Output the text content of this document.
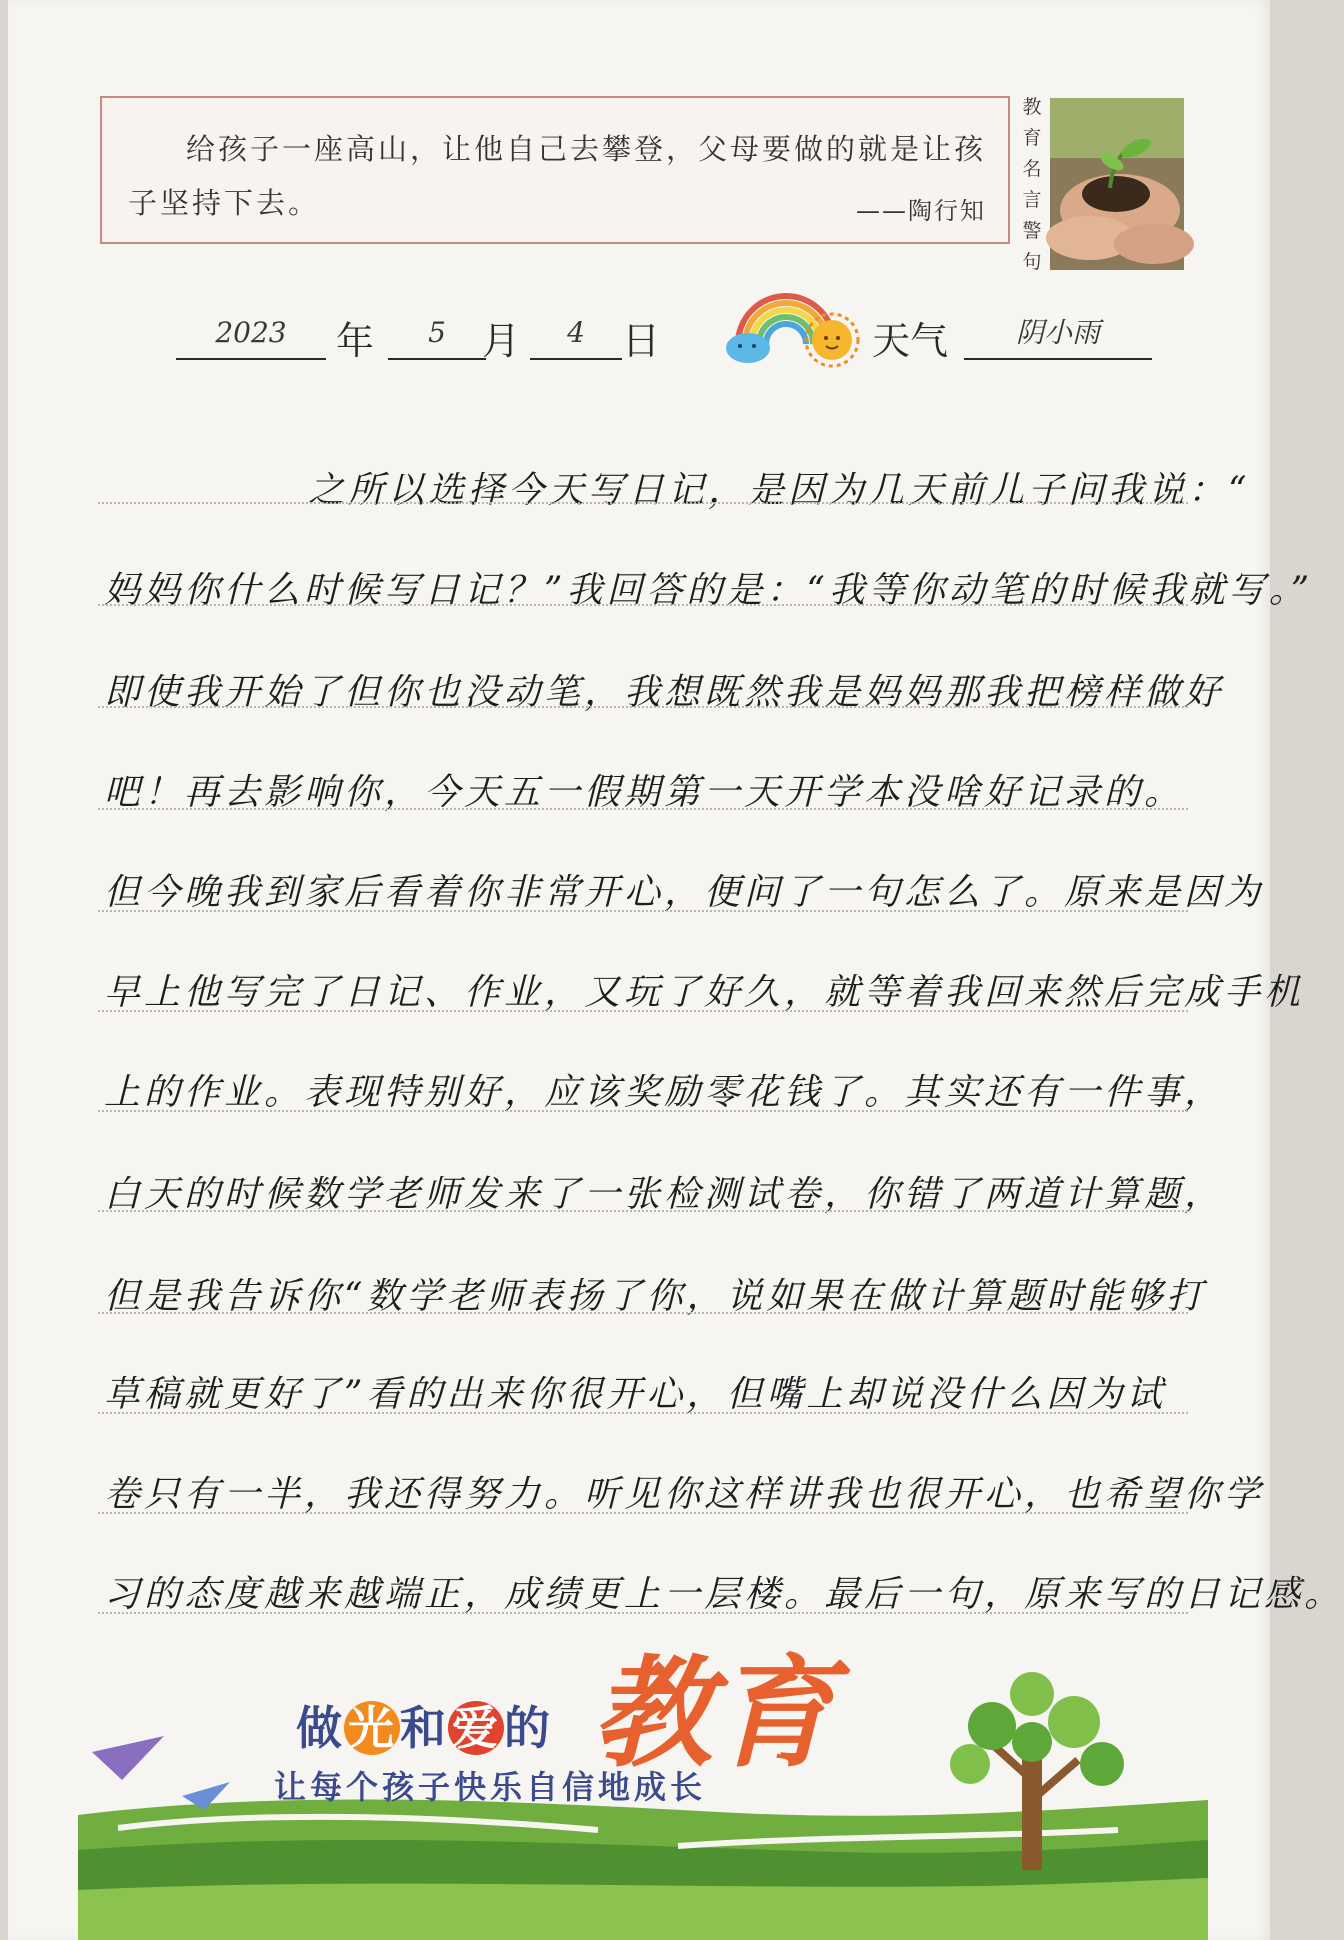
给孩子一座高山，让他自己去攀登，父母要做的就是让孩子坚持下去。	——陶行知
教育名言警句
2023	年	5 月	4 日	天气	阴小雨
之所以选择今天写日记，是因为几天前儿子问我说：“
妈妈你什么时候写日记？”我回答的是：“我等你动笔的时候我就写。”
即使我开始了但你也没动笔，我想既然我是妈妈那我把榜样做好
吧！再去影响你，今天五一假期第一天开学本没啥好记录的。
但今晚我到家后看着你非常开心，便问了一句怎么了。原来是因为
早上他写完了日记、作业，又玩了好久，就等着我回来然后完成手机
上的作业。表现特别好，应该奖励零花钱了。其实还有一件事，
白天的时候数学老师发来了一张检测试卷，你错了两道计算题，
但是我告诉你“数学老师表扬了你，说如果在做计算题时能够打
草稿就更好了”看的出来你很开心，但嘴上却说没什么因为试
卷只有一半，我还得努力。听见你这样讲我也很开心，也希望你学
习的态度越来越端正，成绩更上一层楼。最后一句，原来写的日记感。
做光和爱的 教育
让每个孩子快乐自信地成长
